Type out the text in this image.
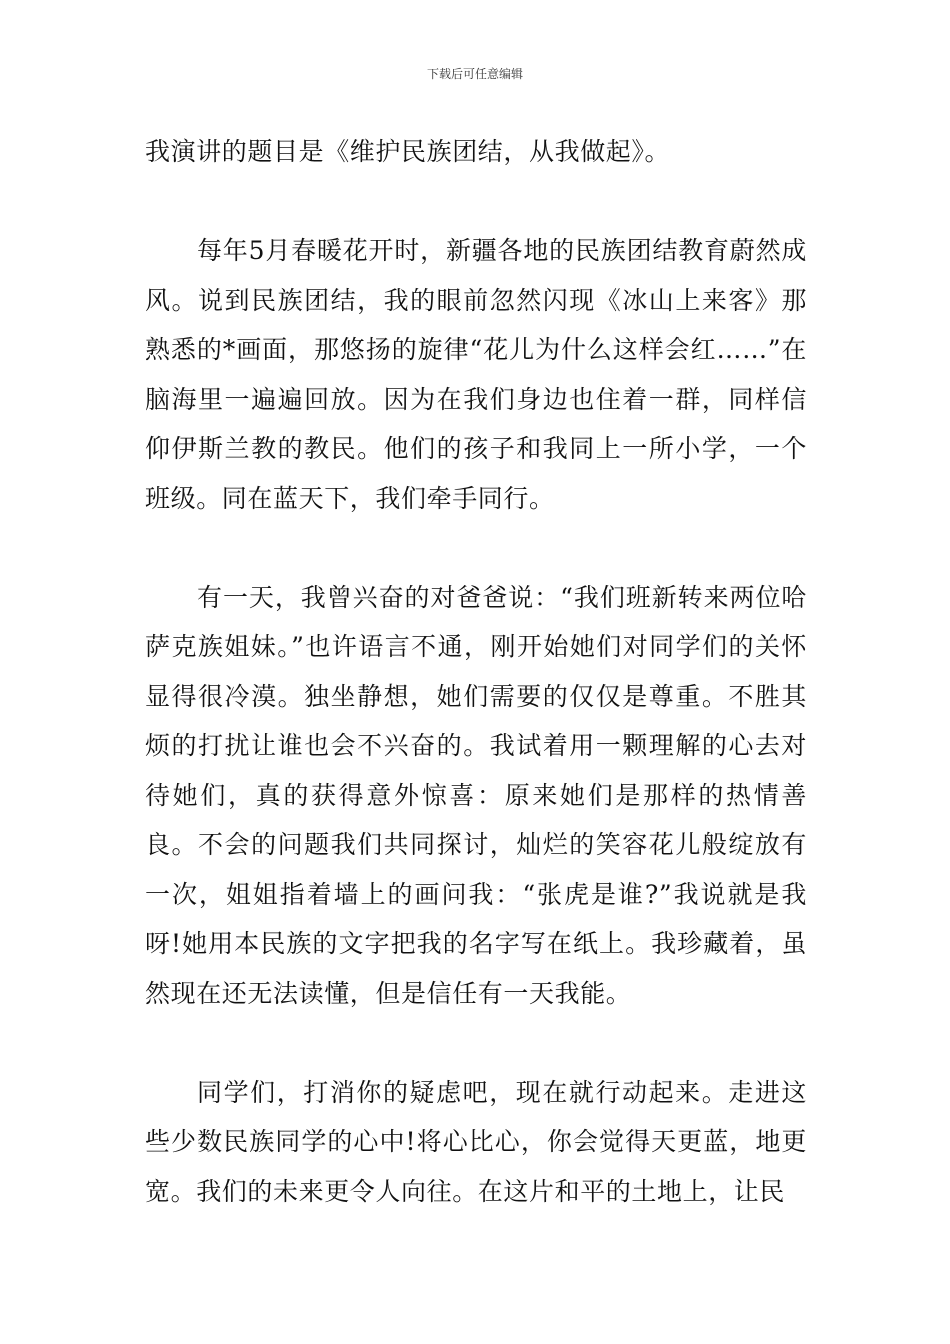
下载后可任意编辑

我演讲的题目是《维护民族团结，从我做起》。

每年5月春暖花开时，新疆各地的民族团结教育蔚然成风。说到民族团结，我的眼前忽然闪现《冰山上来客》那熟悉的*画面，那悠扬的旋律“花儿为什么这样会红……”在脑海里一遍遍回放。因为在我们身边也住着一群，同样信仰伊斯兰教的教民。他们的孩子和我同上一所小学，一个班级。同在蓝天下，我们牵手同行。

有一天，我曾兴奋的对爸爸说：“我们班新转来两位哈萨克族姐妹。”也许语言不通，刚开始她们对同学们的关怀显得很冷漠。独坐静想，她们需要的仅仅是尊重。不胜其烦的打扰让谁也会不兴奋的。我试着用一颗理解的心去对待她们，真的获得意外惊喜：原来她们是那样的热情善良。不会的问题我们共同探讨，灿烂的笑容花儿般绽放有一次，姐姐指着墙上的画问我：“张虎是谁?”我说就是我呀!她用本民族的文字把我的名字写在纸上。我珍藏着，虽然现在还无法读懂，但是信任有一天我能。

同学们，打消你的疑虑吧，现在就行动起来。走进这些少数民族同学的心中!将心比心，你会觉得天更蓝，地更宽。我们的未来更令人向往。在这片和平的土地上，让民
